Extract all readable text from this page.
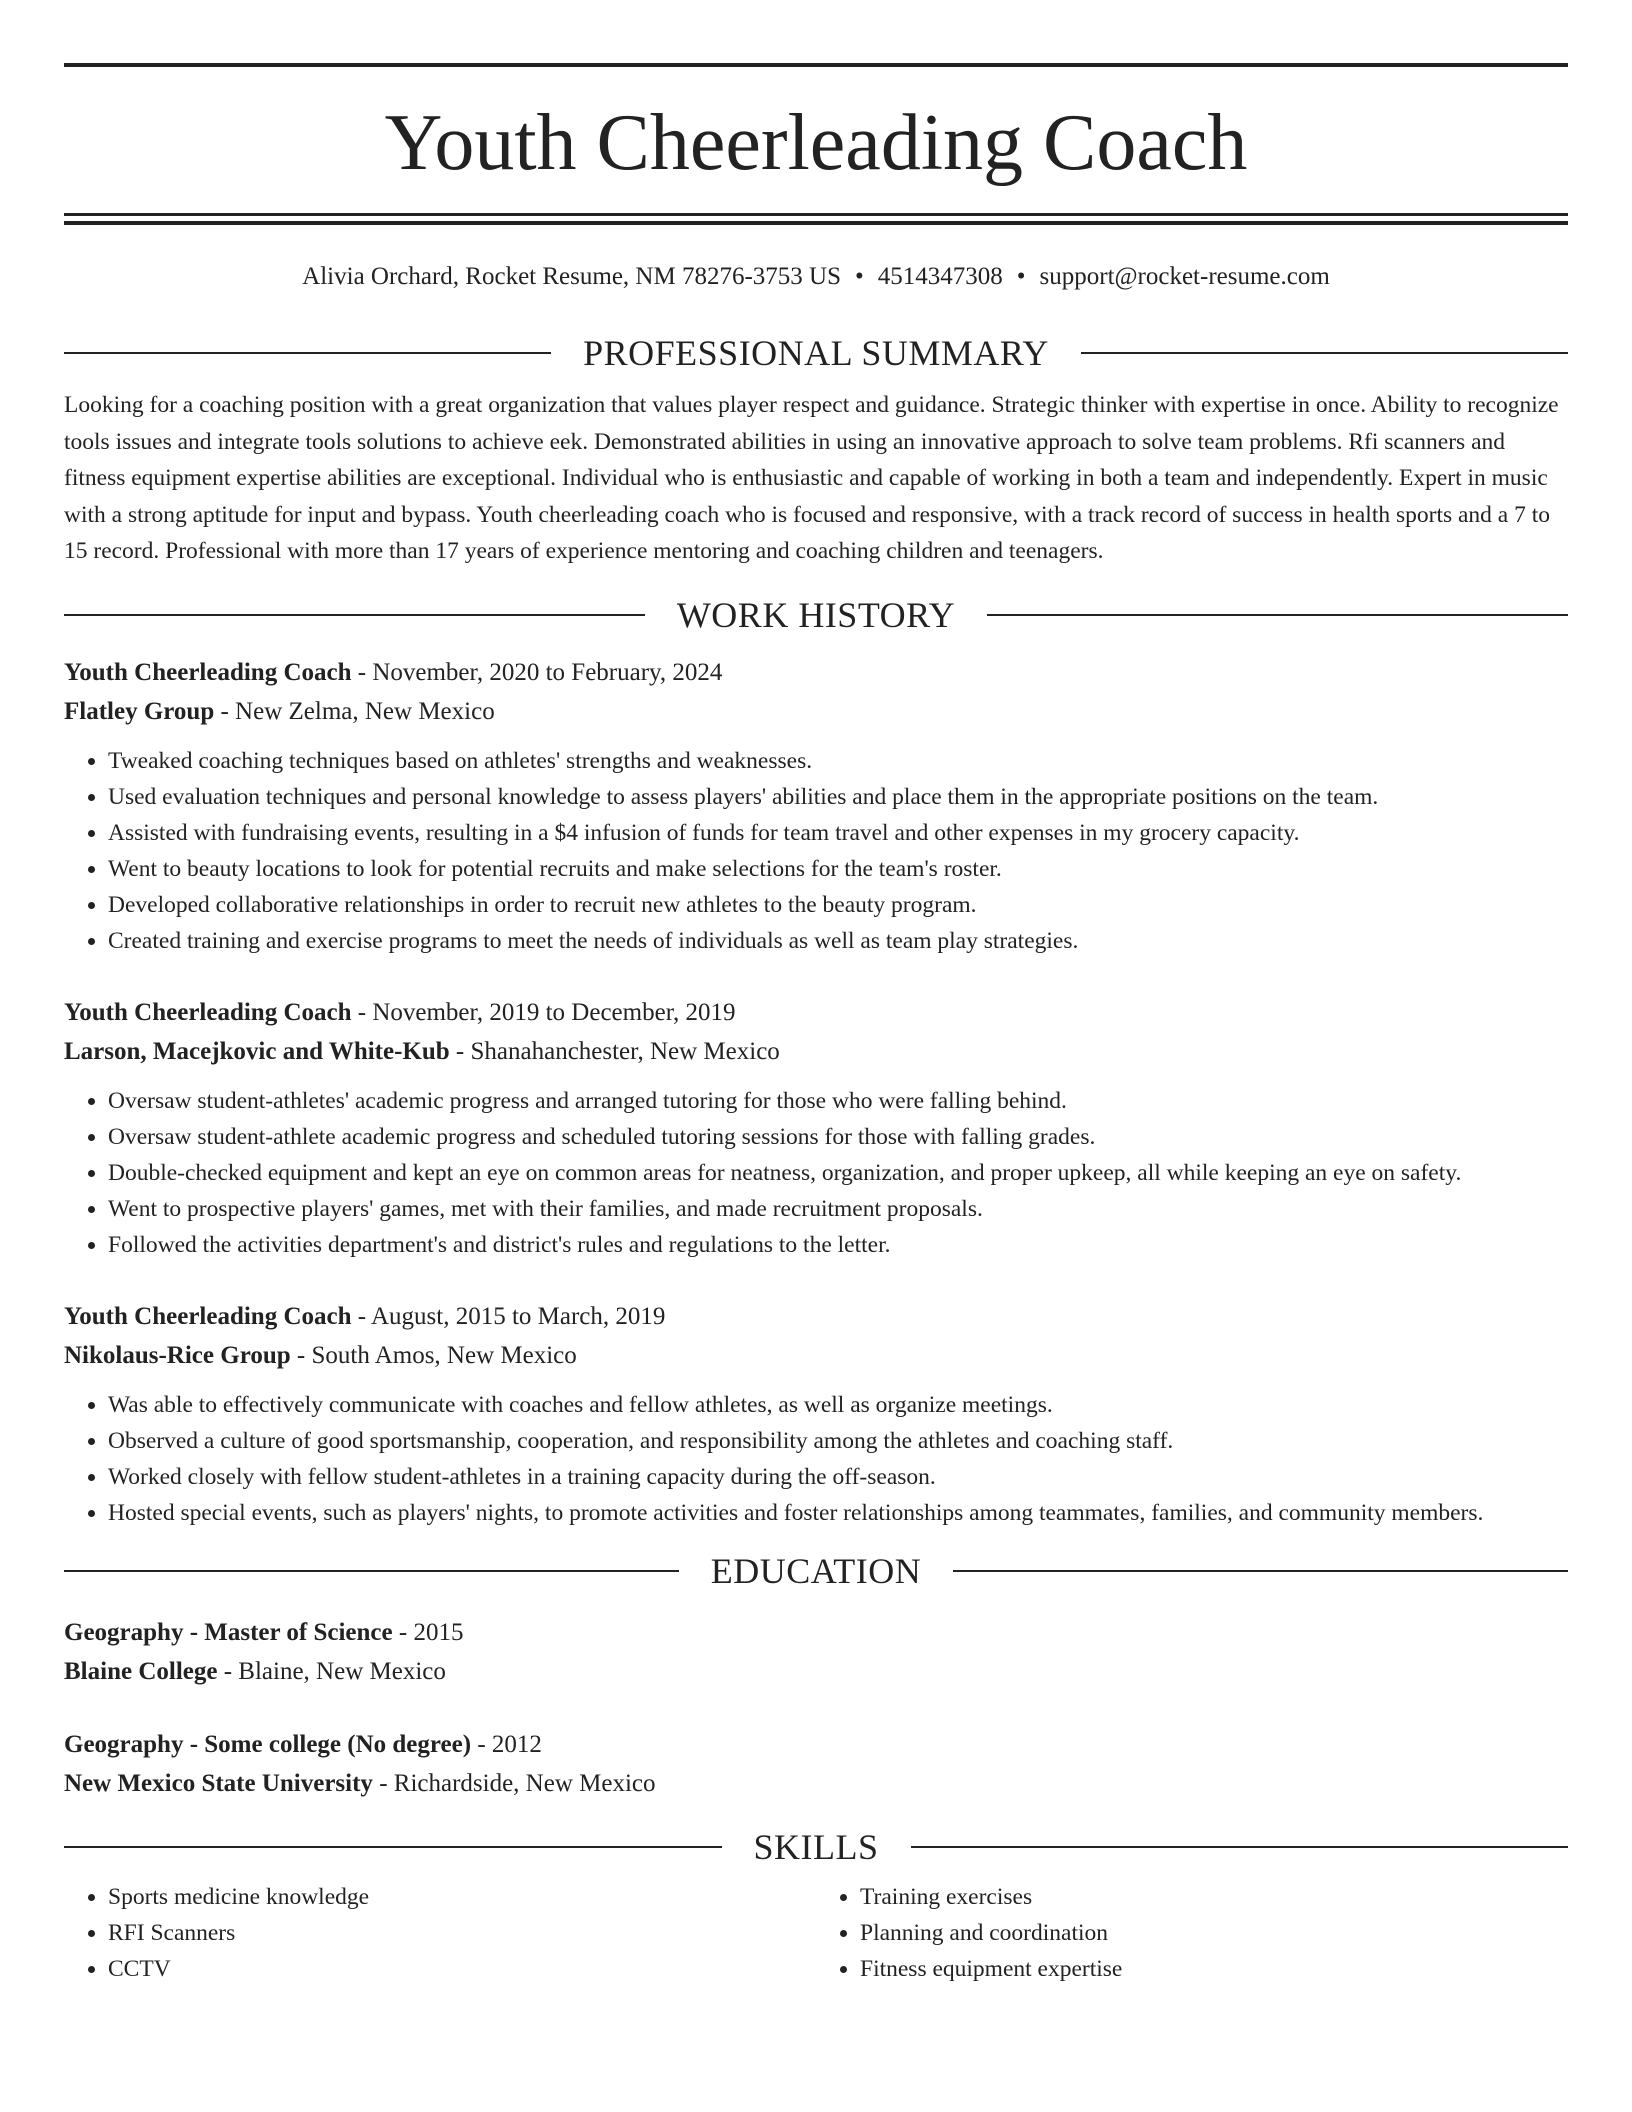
Youth Cheerleading Coach
Alivia Orchard, Rocket Resume, NM 78276-3753 US • 4514347308 • support@rocket-resume.com
PROFESSIONAL SUMMARY

Looking for a coaching position with a great organization that values player respect and guidance. Strategic thinker with expertise in once. Ability to recognize tools issues and integrate tools solutions to achieve eek. Demonstrated abilities in using an innovative approach to solve team problems. Rfi scanners and fitness equipment expertise abilities are exceptional. Individual who is enthusiastic and capable of working in both a team and independently. Expert in music with a strong aptitude for input and bypass. Youth cheerleading coach who is focused and responsive, with a track record of success in health sports and a 7 to 15 record. Professional with more than 17 years of experience mentoring and coaching children and teenagers.

WORK HISTORY
Youth Cheerleading Coach - November, 2020 to February, 2024
Flatley Group - New Zelma, New Mexico
• Tweaked coaching techniques based on athletes' strengths and weaknesses.
• Used evaluation techniques and personal knowledge to assess players' abilities and place them in the appropriate positions on the team.
• Assisted with fundraising events, resulting in a $4 infusion of funds for team travel and other expenses in my grocery capacity.
• Went to beauty locations to look for potential recruits and make selections for the team's roster.
• Developed collaborative relationships in order to recruit new athletes to the beauty program.
• Created training and exercise programs to meet the needs of individuals as well as team play strategies.
Youth Cheerleading Coach - November, 2019 to December, 2019
Larson, Macejkovic and White-Kub - Shanahanchester, New Mexico
• Oversaw student-athletes' academic progress and arranged tutoring for those who were falling behind.
• Oversaw student-athlete academic progress and scheduled tutoring sessions for those with falling grades.
• Double-checked equipment and kept an eye on common areas for neatness, organization, and proper upkeep, all while keeping an eye on safety.
• Went to prospective players' games, met with their families, and made recruitment proposals.
• Followed the activities department's and district's rules and regulations to the letter.
Youth Cheerleading Coach - August, 2015 to March, 2019
Nikolaus-Rice Group - South Amos, New Mexico
• Was able to effectively communicate with coaches and fellow athletes, as well as organize meetings.
• Observed a culture of good sportsmanship, cooperation, and responsibility among the athletes and coaching staff.
• Worked closely with fellow student-athletes in a training capacity during the off-season.
• Hosted special events, such as players' nights, to promote activities and foster relationships among teammates, families, and community members.
EDUCATION
Geography - Master of Science - 2015
Blaine College - Blaine, New Mexico
Geography - Some college (No degree) - 2012
New Mexico State University - Richardside, New Mexico
SKILLS
• Sports medicine knowledge
• RFI Scanners
• CCTV
• Training exercises
• Planning and coordination
• Fitness equipment expertise
